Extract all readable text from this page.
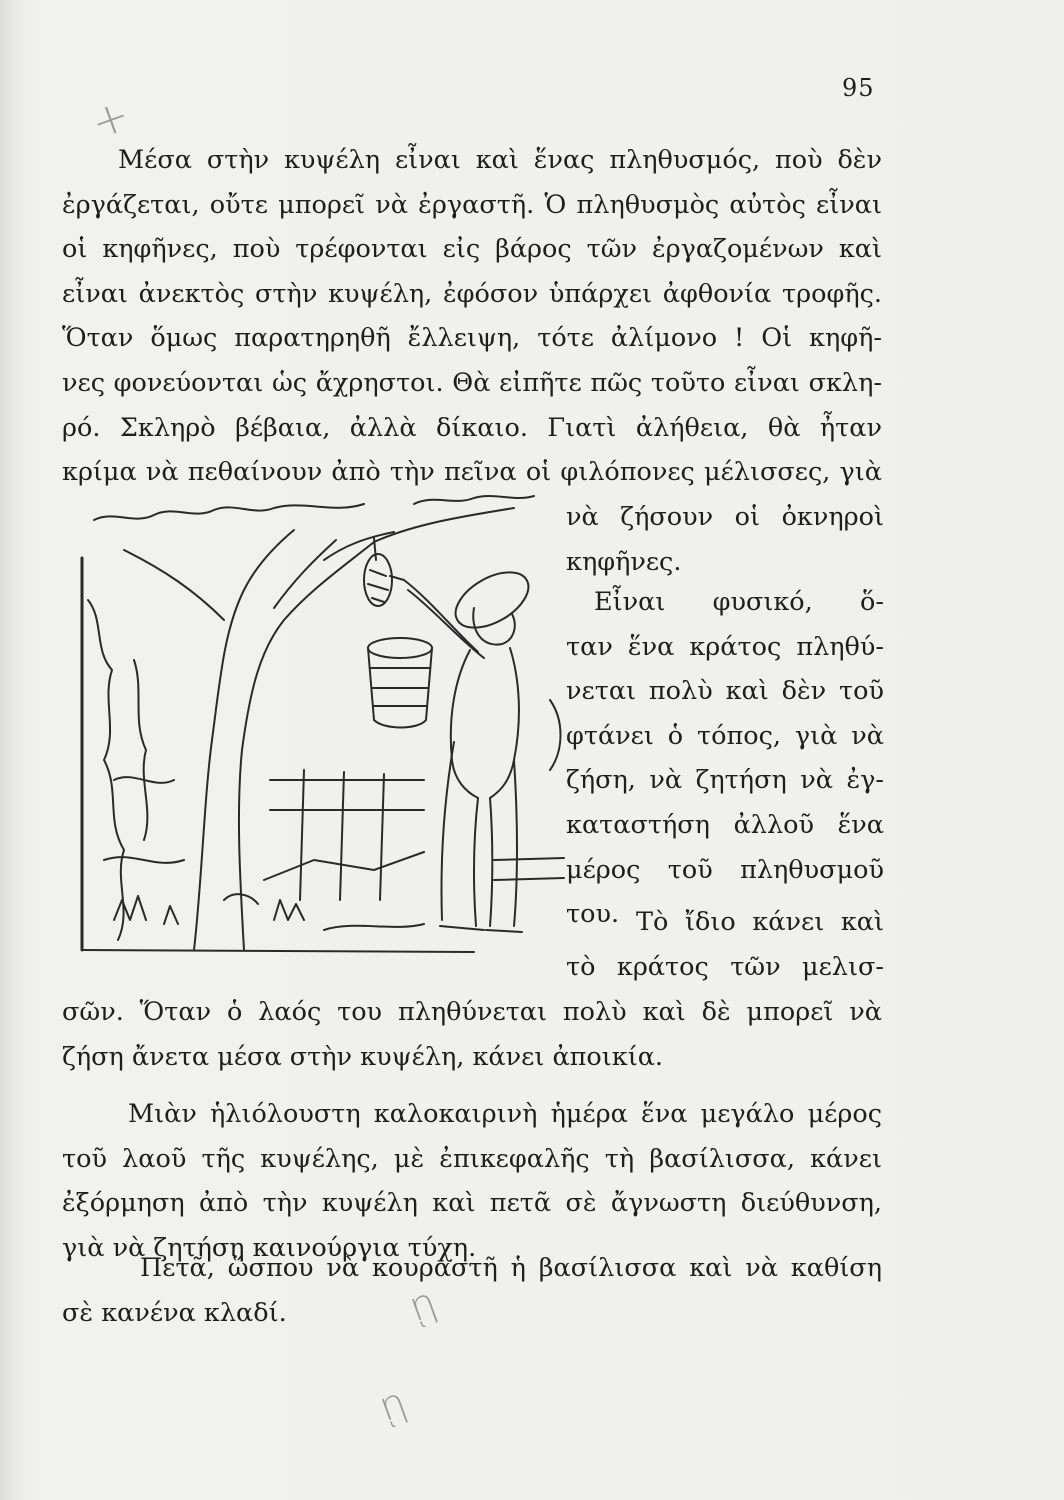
95
+
ῃ
ῃ
Μέσα στὴν κυψέλη εἶναι καὶ ἕνας πληθυσμός, ποὺ δὲν
ἐργάζεται, οὔτε μπορεῖ νὰ ἐργαστῆ. Ὁ πληθυσμὸς αὐτὸς εἶναι
οἱ κηφῆνες, ποὺ τρέφονται εἰς βάρος τῶν ἐργαζομένων καὶ
εἶναι ἀνεκτὸς στὴν κυψέλη, ἐφόσον ὑπάρχει ἀφθονία τροφῆς.
Ὅταν ὅμως παρατηρηθῆ ἔλλειψη, τότε ἀλίμονο ! Οἱ κηφῆ-
νες φονεύονται ὡς ἄχρηστοι. Θὰ εἰπῆτε πῶς τοῦτο εἶναι σκλη-
ρό. Σκληρὸ βέβαια, ἀλλὰ δίκαιο. Γιατὶ ἀλήθεια, θὰ ἦταν
κρίμα νὰ πεθαίνουν ἀπὸ τὴν πεῖνα οἱ φιλόπονες μέλισσες, γιὰ
νὰ ζήσουν οἱ ὀκνηροὶ
κηφῆνες.
Εἶναι φυσικό, ὅ-
ταν ἕνα κράτος πληθύ-
νεται πολὺ καὶ δὲν τοῦ
φτάνει ὁ τόπος, γιὰ νὰ
ζήση, νὰ ζητήση νὰ ἐγ-
καταστήση ἀλλοῦ ἕνα
μέρος τοῦ πληθυσμοῦ
του. Τὸ ἴδιο κάνει καὶ
τὸ κράτος τῶν μελισ-
σῶν. Ὅταν ὁ λαός του πληθύνεται πολὺ καὶ δὲ μπορεῖ νὰ
ζήση ἄνετα μέσα στὴν κυψέλη, κάνει ἀποικία.
Μιὰν ἡλιόλουστη καλοκαιρινὴ ἡμέρα ἕνα μεγάλο μέρος
τοῦ λαοῦ τῆς κυψέλης, μὲ ἐπικεφαλῆς τὴ βασίλισσα, κάνει
ἐξόρμηση ἀπὸ τὴν κυψέλη καὶ πετᾶ σὲ ἄγνωστη διεύθυνση,
γιὰ νὰ ζητήση καινούργια τύχη.
Πετᾶ, ὥσπου νὰ κουραστῆ ἡ βασίλισσα καὶ νὰ καθίση
σὲ κανένα κλαδί.
